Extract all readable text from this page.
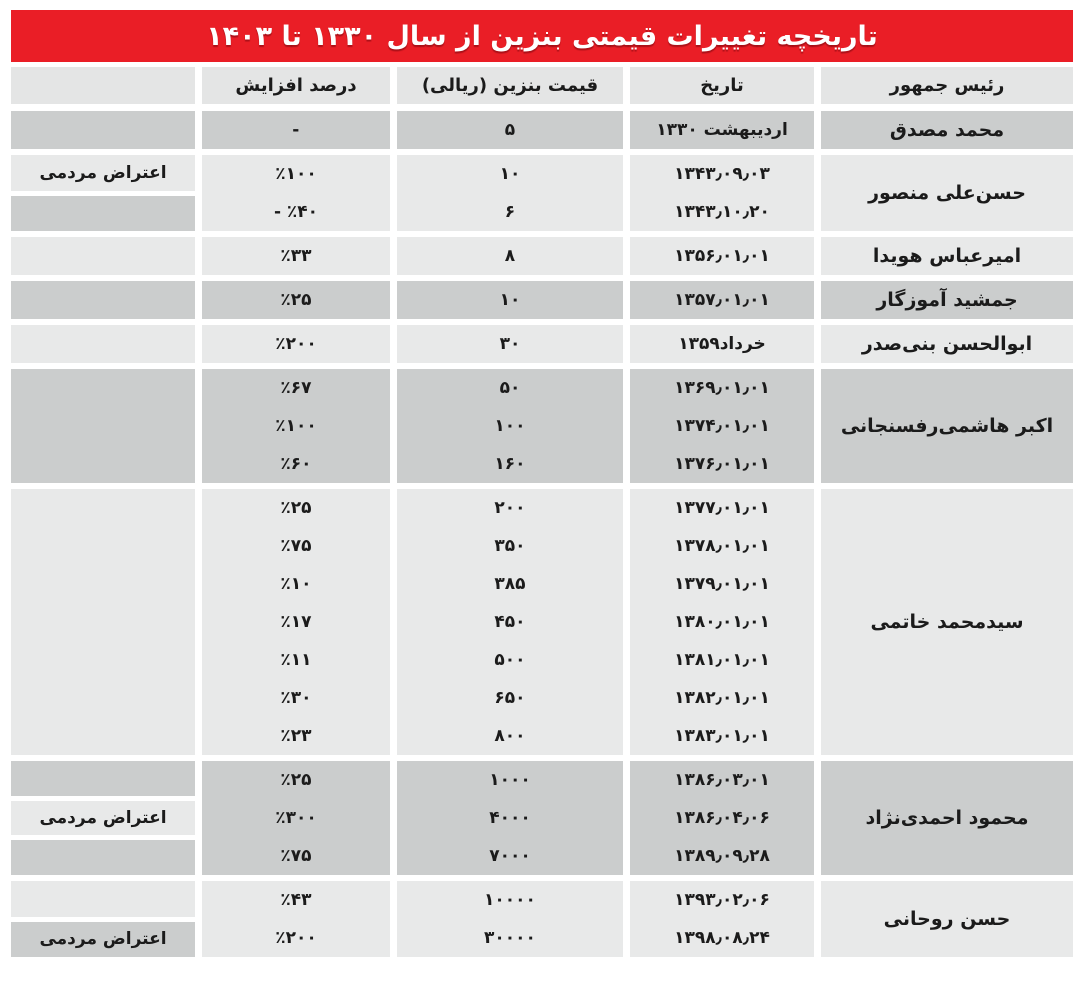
تاریخچه تغییرات قیمتی بنزین از سال ۱۳۳۰ تا ۱۴۰۳
رئیس جمهور
تاریخ
قیمت بنزین (ریالی)
درصد افزایش
محمد مصدق
اردیبهشت ۱۳۳۰
۵
-
حسن‌علی منصور
۱۳۴۳٫۰۹٫۰۳
۱۳۴۳٫۱۰٫۲۰
۱۰
۶
٪۱۰۰
- ٪۴۰
اعتراض مردمی
امیرعباس هویدا
۱۳۵۶٫۰۱٫۰۱
۸
٪۳۳
جمشید آموزگار
۱۳۵۷٫۰۱٫۰۱
۱۰
٪۲۵
ابوالحسن بنی‌صدر
خرداد۱۳۵۹
۳۰
٪۲۰۰
اکبر هاشمی‌رفسنجانی
۱۳۶۹٫۰۱٫۰۱
۱۳۷۴٫۰۱٫۰۱
۱۳۷۶٫۰۱٫۰۱
۵۰
۱۰۰
۱۶۰
٪۶۷
٪۱۰۰
٪۶۰
سیدمحمد خاتمی
۱۳۷۷٫۰۱٫۰۱
۱۳۷۸٫۰۱٫۰۱
۱۳۷۹٫۰۱٫۰۱
۱۳۸۰٫۰۱٫۰۱
۱۳۸۱٫۰۱٫۰۱
۱۳۸۲٫۰۱٫۰۱
۱۳۸۳٫۰۱٫۰۱
۲۰۰
۳۵۰
۳۸۵
۴۵۰
۵۰۰
۶۵۰
۸۰۰
٪۲۵
٪۷۵
٪۱۰
٪۱۷
٪۱۱
٪۳۰
٪۲۳
محمود احمدی‌نژاد
۱۳۸۶٫۰۳٫۰۱
۱۳۸۶٫۰۴٫۰۶
۱۳۸۹٫۰۹٫۲۸
۱۰۰۰
۴۰۰۰
۷۰۰۰
٪۲۵
٪۳۰۰
٪۷۵
اعتراض مردمی
حسن روحانی
۱۳۹۳٫۰۲٫۰۶
۱۳۹۸٫۰۸٫۲۴
۱۰۰۰۰
۳۰۰۰۰
٪۴۳
٪۲۰۰
اعتراض مردمی
